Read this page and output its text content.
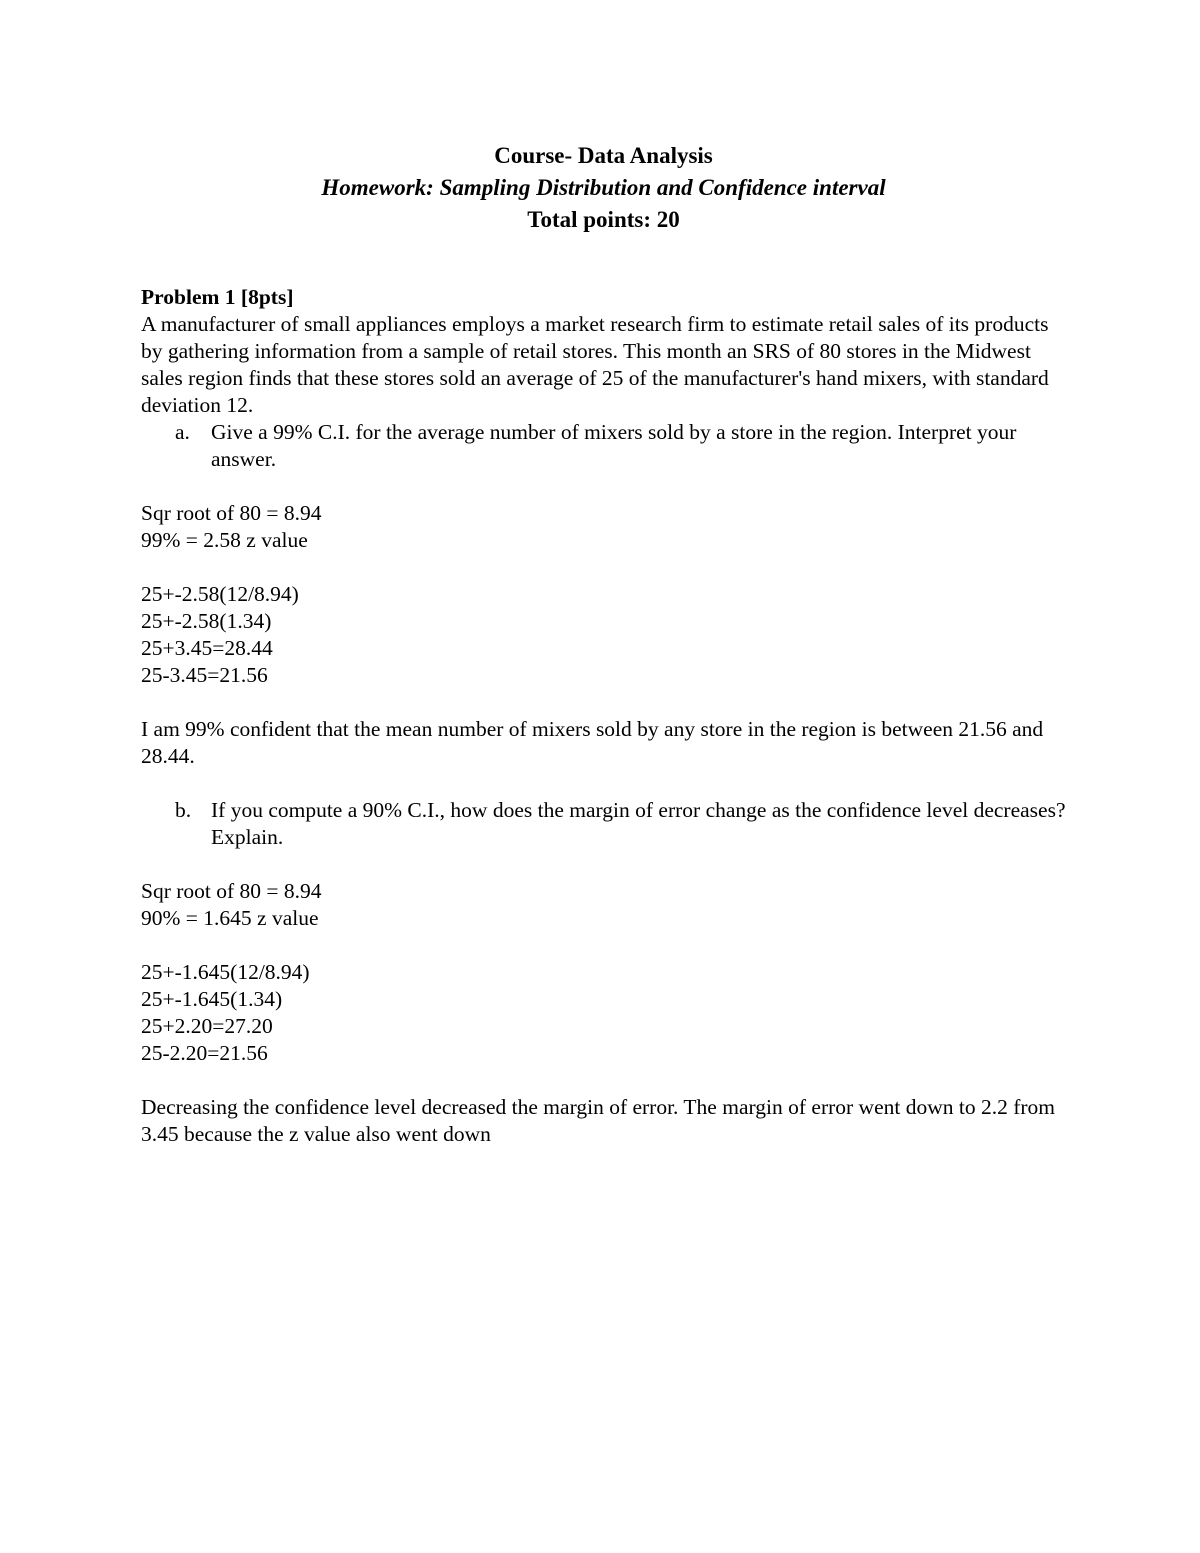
Course- Data Analysis
Homework: Sampling Distribution and Confidence interval
Total points: 20

Problem 1 [8pts]

A manufacturer of small appliances employs a market research firm to estimate retail sales of its products by gathering information from a sample of retail stores. This month an SRS of 80 stores in the Midwest sales region finds that these stores sold an average of 25 of the manufacturer's hand mixers, with standard deviation 12.

a. Give a 99% C.I. for the average number of mixers sold by a store in the region. Interpret your answer.

Sqr root of 80 = 8.94

99% = 2.58 z value

25+-2.58(12/8.94)

25+-2.58(1.34)

25+3.45=28.44

25-3.45=21.56

I am 99% confident that the mean number of mixers sold by any store in the region is between 21.56 and 28.44.

b. If you compute a 90% C.I., how does the margin of error change as the confidence level decreases? Explain.

Sqr root of 80 = 8.94

90% = 1.645 z value

25+-1.645(12/8.94)

25+-1.645(1.34)

25+2.20=27.20

25-2.20=21.56

Decreasing the confidence level decreased the margin of error. The margin of error went down to 2.2 from 3.45 because the z value also went down
